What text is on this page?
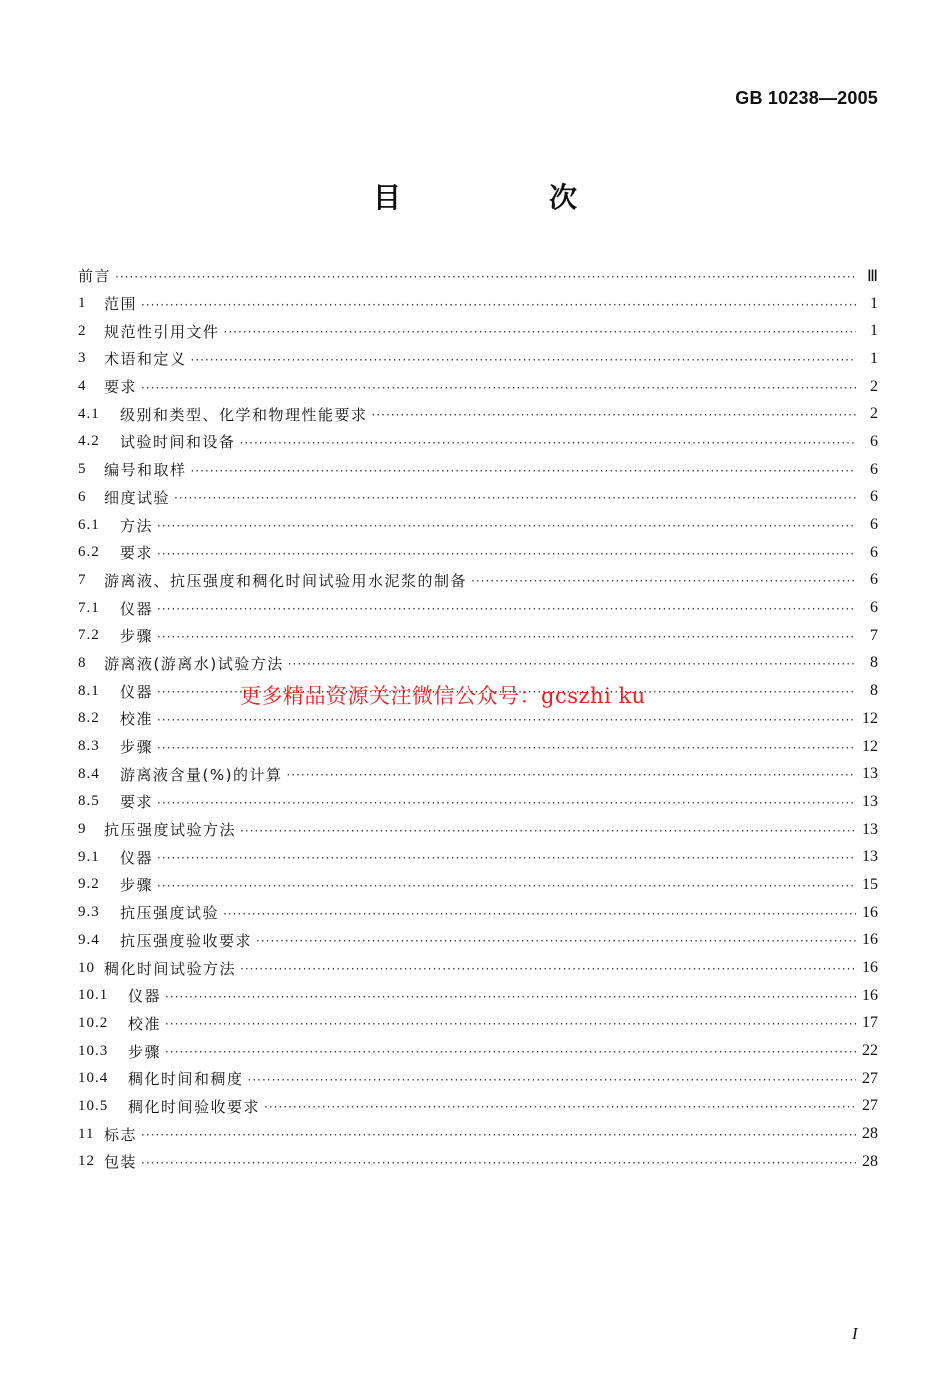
GB 10238—2005
目　次
前言 ·····	Ⅲ
1	范围 ·····	1
2	规范性引用文件 ·····	1
3	术语和定义 ·····	1
4	要求 ·····	2
4.1	级别和类型、化学和物理性能要求 ·····	2
4.2	试验时间和设备 ·····	6
5	编号和取样 ·····	6
6	细度试验 ·····	6
6.1	方法 ·····	6
6.2	要求 ·····	6
7	游离液、抗压强度和稠化时间试验用水泥浆的制备 ·····	6
7.1	仪器 ·····	6
7.2	步骤 ·····	7
8	游离液(游离水)试验方法 ·····	8
8.1	仪器 ·····	8
8.2	校准 ·····	12
8.3	步骤 ·····	12
8.4	游离液含量(%)的计算 ·····	13
8.5	要求 ·····	13
9	抗压强度试验方法 ·····	13
9.1	仪器 ·····	13
9.2	步骤 ·····	15
9.3	抗压强度试验 ·····	16
9.4	抗压强度验收要求 ·····	16
10 稠化时间试验方法 ·····	16
10.1	仪器 ·····	16
10.2	校准 ·····	17
10.3	步骤 ·····	22
10.4	稠化时间和稠度 ·····	27
10.5	稠化时间验收要求 ·····	27
11 标志 ·····	28
12 包装 ·····	28
更多精品资源关注微信公众号：gcszhi ku
I
